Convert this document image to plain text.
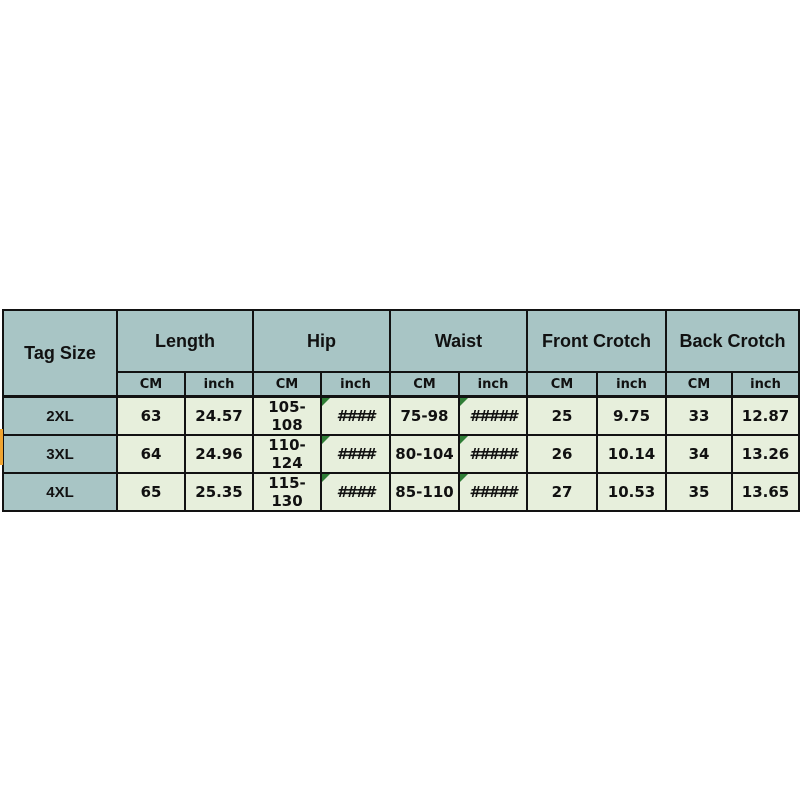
Tag Size	Length		Hip		Waist		Front Crotch		Back Crotch	
	CM	inch	CM	inch	CM	inch	CM	inch	CM	inch
2XL	63	24.57	105-108	####	75-98	#####	25	9.75	33	12.87
3XL	64	24.96	110-124	####	80-104	#####	26	10.14	34	13.26
4XL	65	25.35	115-130	####	85-110	#####	27	10.53	35	13.65
